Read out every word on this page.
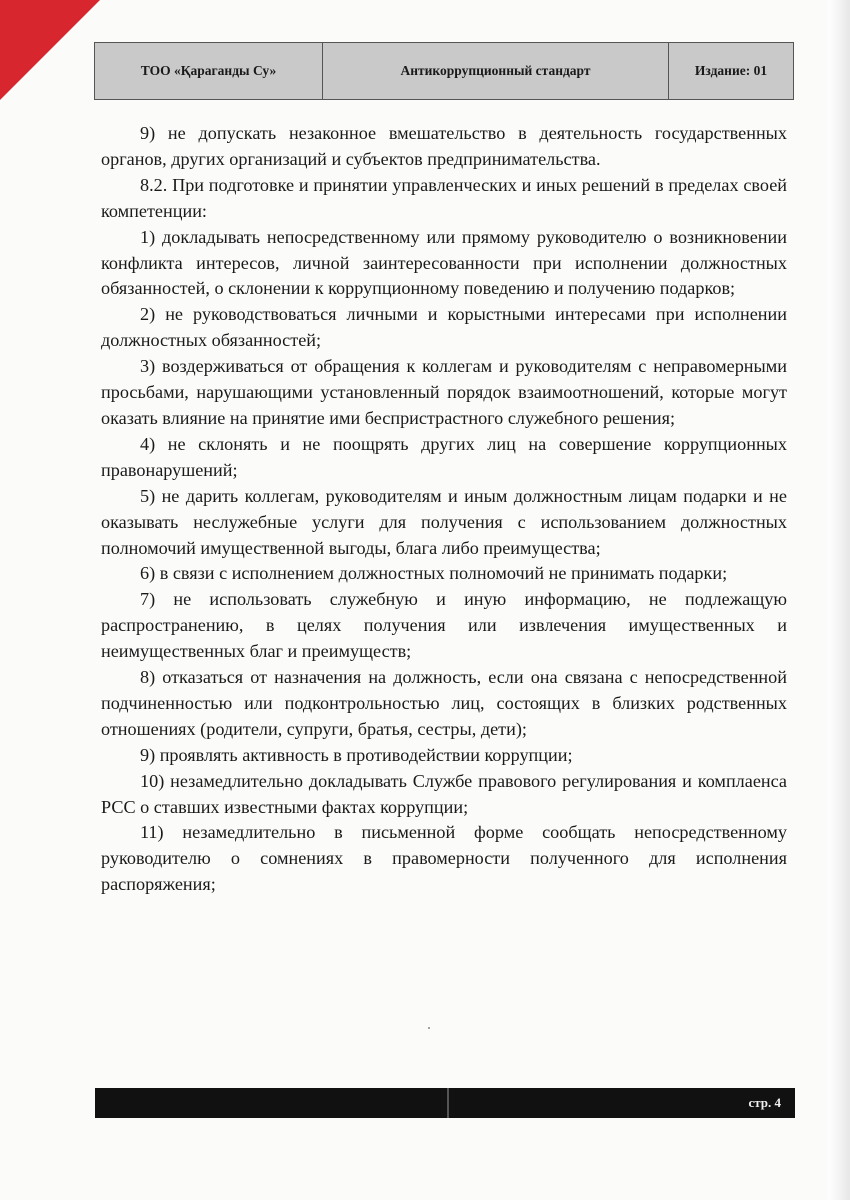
ТОО «Қараганды Су»	Антикоррупционный стандарт	Издание: 01

9) не допускать незаконное вмешательство в деятельность государственных органов, других организаций и субъектов предпринимательства.

8.2. При подготовке и принятии управленческих и иных решений в пределах своей компетенции:

1) докладывать непосредственному или прямому руководителю о возникновении конфликта интересов, личной заинтересованности при исполнении должностных обязанностей, о склонении к коррупционному поведению и получению подарков;

2) не руководствоваться личными и корыстными интересами при исполнении должностных обязанностей;

3) воздерживаться от обращения к коллегам и руководителям с неправомерными просьбами, нарушающими установленный порядок взаимоотношений, которые могут оказать влияние на принятие ими беспристрастного служебного решения;

4) не склонять и не поощрять других лиц на совершение коррупционных правонарушений;

5) не дарить коллегам, руководителям и иным должностным лицам подарки и не оказывать неслужебные услуги для получения с использованием должностных полномочий имущественной выгоды, блага либо преимущества;

6) в связи с исполнением должностных полномочий не принимать подарки;

7) не использовать служебную и иную информацию, не подлежащую распространению, в целях получения или извлечения имущественных и неимущественных благ и преимуществ;

8) отказаться от назначения на должность, если она связана с непосредственной подчиненностью или подконтрольностью лиц, состоящих в близких родственных отношениях (родители, супруги, братья, сестры, дети);

9) проявлять активность в противодействии коррупции;

10) незамедлительно докладывать Службе правового регулирования и комплаенса РСС о ставших известными фактах коррупции;

11) незамедлительно в письменной форме сообщать непосредственному руководителю о сомнениях в правомерности полученного для исполнения распоряжения;

стр. 4
